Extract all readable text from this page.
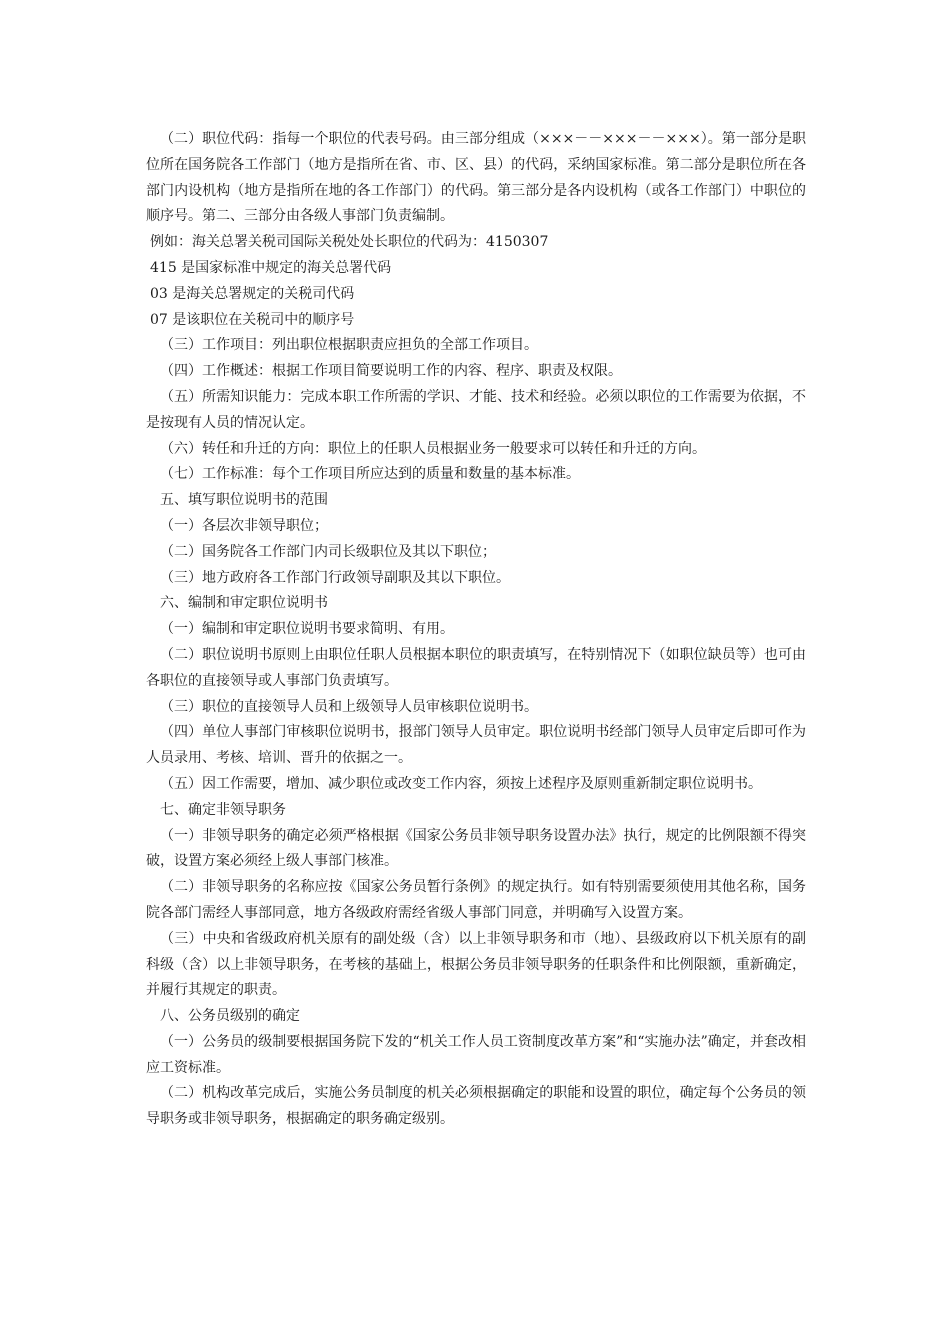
（二）职位代码：指每一个职位的代表号码。由三部分组成（×××－－×××－－×××）。第一部分是职位所在国务院各工作部门（地方是指所在省、市、区、县）的代码，采纳国家标准。第二部分是职位所在各部门内设机构（地方是指所在地的各工作部门）的代码。第三部分是各内设机构（或各工作部门）中职位的顺序号。第二、三部分由各级人事部门负责编制。

例如：海关总署关税司国际关税处处长职位的代码为：4150307

415 是国家标准中规定的海关总署代码

03 是海关总署规定的关税司代码

07 是该职位在关税司中的顺序号

（三）工作项目：列出职位根据职责应担负的全部工作项目。

（四）工作概述：根据工作项目简要说明工作的内容、程序、职责及权限。

（五）所需知识能力：完成本职工作所需的学识、才能、技术和经验。必须以职位的工作需要为依据，不是按现有人员的情况认定。

（六）转任和升迁的方向：职位上的任职人员根据业务一般要求可以转任和升迁的方向。

（七）工作标准：每个工作项目所应达到的质量和数量的基本标准。

五、填写职位说明书的范围

（一）各层次非领导职位；

（二）国务院各工作部门内司长级职位及其以下职位；

（三）地方政府各工作部门行政领导副职及其以下职位。

六、编制和审定职位说明书

（一）编制和审定职位说明书要求简明、有用。

（二）职位说明书原则上由职位任职人员根据本职位的职责填写，在特别情况下（如职位缺员等）也可由各职位的直接领导或人事部门负责填写。

（三）职位的直接领导人员和上级领导人员审核职位说明书。

（四）单位人事部门审核职位说明书，报部门领导人员审定。职位说明书经部门领导人员审定后即可作为人员录用、考核、培训、晋升的依据之一。

（五）因工作需要，增加、减少职位或改变工作内容，须按上述程序及原则重新制定职位说明书。

七、确定非领导职务

（一）非领导职务的确定必须严格根据《国家公务员非领导职务设置办法》执行，规定的比例限额不得突破，设置方案必须经上级人事部门核准。

（二）非领导职务的名称应按《国家公务员暂行条例》的规定执行。如有特别需要须使用其他名称，国务院各部门需经人事部同意，地方各级政府需经省级人事部门同意，并明确写入设置方案。

（三）中央和省级政府机关原有的副处级（含）以上非领导职务和市（地）、县级政府以下机关原有的副科级（含）以上非领导职务，在考核的基础上，根据公务员非领导职务的任职条件和比例限额，重新确定，并履行其规定的职责。

八、公务员级别的确定

（一）公务员的级制要根据国务院下发的“机关工作人员工资制度改革方案”和“实施办法”确定，并套改相应工资标准。

（二）机构改革完成后，实施公务员制度的机关必须根据确定的职能和设置的职位，确定每个公务员的领导职务或非领导职务，根据确定的职务确定级别。
